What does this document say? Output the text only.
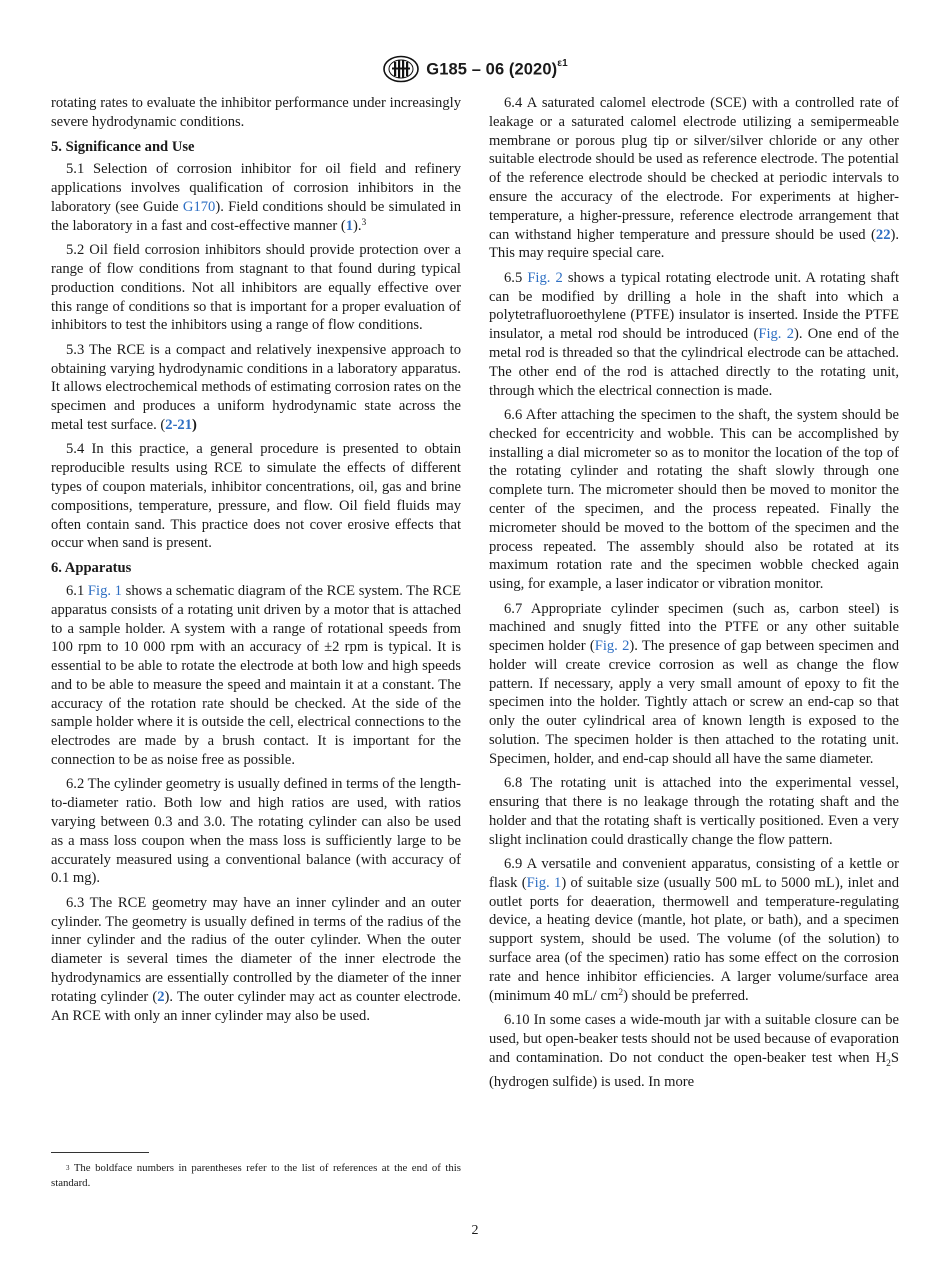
G185 – 06 $(2020)^{\varepsilon 1}$

rotating rates to evaluate the inhibitor performance under increasingly severe hydrodynamic conditions.

5. Significance and Use

5.1 Selection of corrosion inhibitor for oil field and refinery applications involves qualification of corrosion inhibitors in the laboratory (see Guide G170). Field conditions should be simulated in the laboratory in a fast and cost-effective manner (1).$^3$

5.2 Oil field corrosion inhibitors should provide protection over a range of flow conditions from stagnant to that found during typical production conditions. Not all inhibitors are equally effective over this range of conditions so that is important for a proper evaluation of inhibitors to test the inhibitors using a range of flow conditions.

5.3 The RCE is a compact and relatively inexpensive approach to obtaining varying hydrodynamic conditions in a laboratory apparatus. It allows electrochemical methods of estimating corrosion rates on the specimen and produces a uniform hydrodynamic state across the metal test surface. (2-21)

5.4 In this practice, a general procedure is presented to obtain reproducible results using RCE to simulate the effects of different types of coupon materials, inhibitor concentrations, oil, gas and brine compositions, temperature, pressure, and flow. Oil field fluids may often contain sand. This practice does not cover erosive effects that occur when sand is present.

6. Apparatus

6.1 Fig. 1 shows a schematic diagram of the RCE system. The RCE apparatus consists of a rotating unit driven by a motor that is attached to a sample holder. A system with a range of rotational speeds from 100 rpm to 10 000 rpm with an accuracy of ±2 rpm is typical. It is essential to be able to rotate the electrode at both low and high speeds and to be able to measure the speed and maintain it at a constant. The accuracy of the rotation rate should be checked. At the side of the sample holder where it is outside the cell, electrical connections to the electrodes are made by a brush contact. It is important for the connection to be as noise free as possible.

6.2 The cylinder geometry is usually defined in terms of the length-to-diameter ratio. Both low and high ratios are used, with ratios varying between 0.3 and 3.0. The rotating cylinder can also be used as a mass loss coupon when the mass loss is sufficiently large to be accurately measured using a conventional balance (with accuracy of 0.1 mg).

6.3 The RCE geometry may have an inner cylinder and an outer cylinder. The geometry is usually defined in terms of the radius of the inner cylinder and the radius of the outer cylinder. When the outer diameter is several times the diameter of the inner electrode the hydrodynamics are essentially controlled by the diameter of the inner rotating cylinder (2). The outer cylinder may act as counter electrode. An RCE with only an inner cylinder may also be used.

6.4 A saturated calomel electrode (SCE) with a controlled rate of leakage or a saturated calomel electrode utilizing a semipermeable membrane or porous plug tip or silver/silver chloride or any other suitable electrode should be used as reference electrode. The potential of the reference electrode should be checked at periodic intervals to ensure the accuracy of the electrode. For experiments at higher-temperature, a higher-pressure, reference electrode arrangement that can withstand higher temperature and pressure should be used (22). This may require special care.

6.5 Fig. 2 shows a typical rotating electrode unit. A rotating shaft can be modified by drilling a hole in the shaft into which a polytetrafluoroethylene (PTFE) insulator is inserted. Inside the PTFE insulator, a metal rod should be introduced (Fig. 2). One end of the metal rod is threaded so that the cylindrical electrode can be attached. The other end of the rod is attached directly to the rotating unit, through which the electrical connection is made.

6.6 After attaching the specimen to the shaft, the system should be checked for eccentricity and wobble. This can be accomplished by installing a dial micrometer so as to monitor the location of the top of the rotating cylinder and rotating the shaft slowly through one complete turn. The micrometer should then be moved to monitor the center of the specimen, and the process repeated. Finally the micrometer should be moved to the bottom of the specimen and the process repeated. The assembly should also be rotated at its maximum rotation rate and the specimen wobble checked again using, for example, a laser indicator or vibration monitor.

6.7 Appropriate cylinder specimen (such as, carbon steel) is machined and snugly fitted into the PTFE or any other suitable specimen holder (Fig. 2). The presence of gap between specimen and holder will create crevice corrosion as well as change the flow pattern. If necessary, apply a very small amount of epoxy to fit the specimen into the holder. Tightly attach or screw an end-cap so that only the outer cylindrical area of known length is exposed to the solution. The specimen holder is then attached to the rotating unit. Specimen, holder, and end-cap should all have the same diameter.

6.8 The rotating unit is attached into the experimental vessel, ensuring that there is no leakage through the rotating shaft and the holder and that the rotating shaft is vertically positioned. Even a very slight inclination could drastically change the flow pattern.

6.9 A versatile and convenient apparatus, consisting of a kettle or flask (Fig. 1) of suitable size (usually 500 mL to 5000 mL), inlet and outlet ports for deaeration, thermowell and temperature-regulating device, a heating device (mantle, hot plate, or bath), and a specimen support system, should be used. The volume (of the solution) to surface area (of the specimen) ratio has some effect on the corrosion rate and hence inhibitor efficiencies. A larger volume/surface area (minimum 40 mL/ cm$^2$) should be preferred.

6.10 In some cases a wide-mouth jar with a suitable closure can be used, but open-beaker tests should not be used because of evaporation and contamination. Do not conduct the open-beaker test when $H_2S$ (hydrogen sulfide) is used. In more

$^3$ The boldface numbers in parentheses refer to the list of references at the end of this standard.
2
